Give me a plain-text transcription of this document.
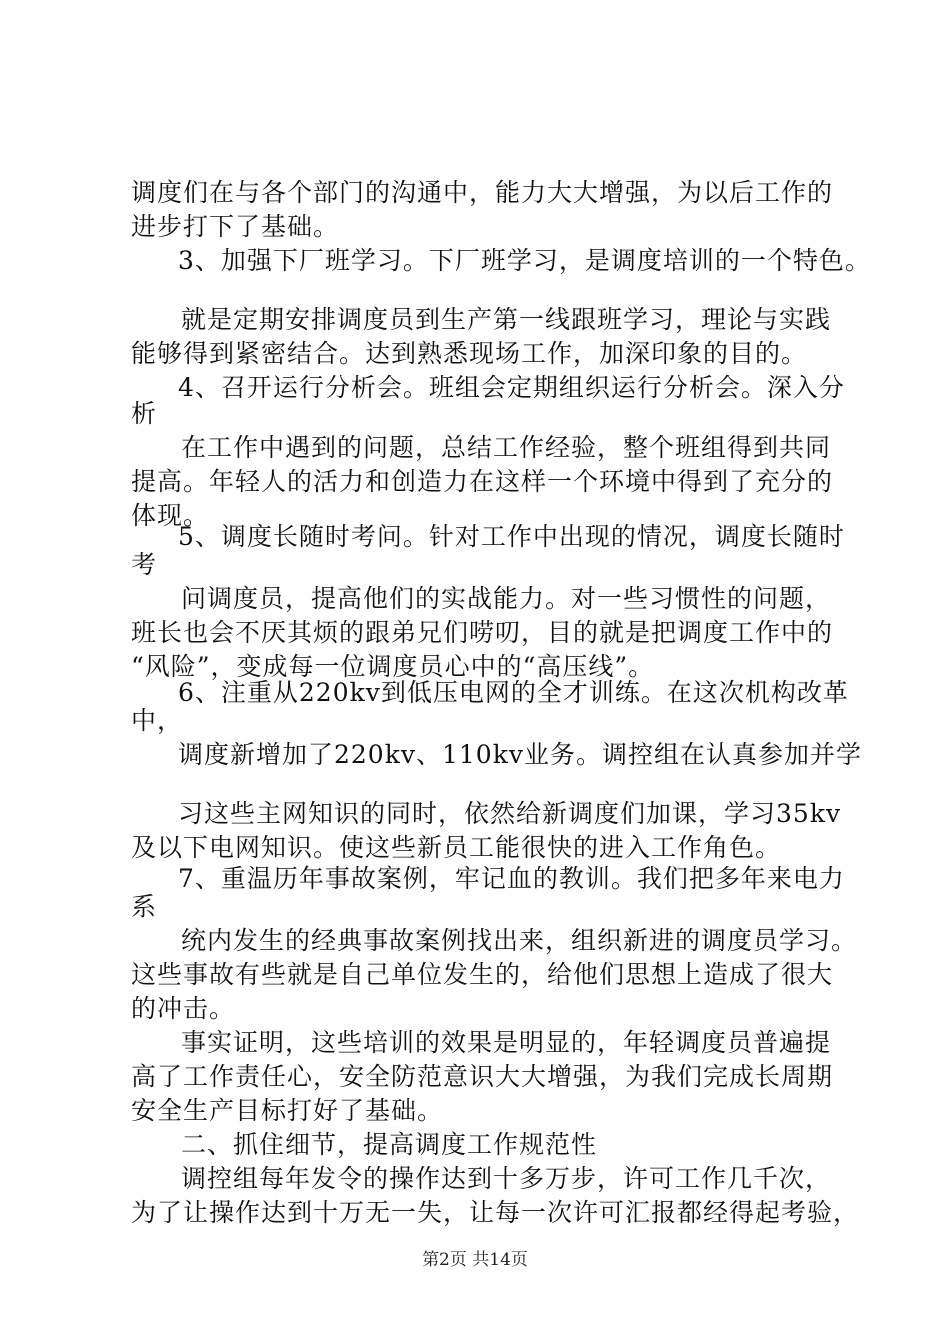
调度们在与各个部门的沟通中，能力大大增强，为以后工作的
进步打下了基础。
3、加强下厂班学习。下厂班学习，是调度培训的一个特色。
就是定期安排调度员到生产第一线跟班学习，理论与实践
能够得到紧密结合。达到熟悉现场工作，加深印象的目的。
4、召开运行分析会。班组会定期组织运行分析会。深入分
析
在工作中遇到的问题，总结工作经验，整个班组得到共同
提高。年轻人的活力和创造力在这样一个环境中得到了充分的
体现。
5、调度长随时考问。针对工作中出现的情况，调度长随时
考
问调度员，提高他们的实战能力。对一些习惯性的问题，
班长也会不厌其烦的跟弟兄们唠叨，目的就是把调度工作中的
“风险”，变成每一位调度员心中的“高压线”。
6、注重从220kv到低压电网的全才训练。在这次机构改革
中，
调度新增加了220kv、110kv业务。调控组在认真参加并学
习这些主网知识的同时，依然给新调度们加课，学习35kv
及以下电网知识。使这些新员工能很快的进入工作角色。
7、重温历年事故案例，牢记血的教训。我们把多年来电力
系
统内发生的经典事故案例找出来，组织新进的调度员学习。
这些事故有些就是自己单位发生的，给他们思想上造成了很大
的冲击。
事实证明，这些培训的效果是明显的，年轻调度员普遍提
高了工作责任心，安全防范意识大大增强，为我们完成长周期
安全生产目标打好了基础。
二、抓住细节，提高调度工作规范性
调控组每年发令的操作达到十多万步，许可工作几千次，
为了让操作达到十万无一失，让每一次许可汇报都经得起考验，
第2页 共14页
